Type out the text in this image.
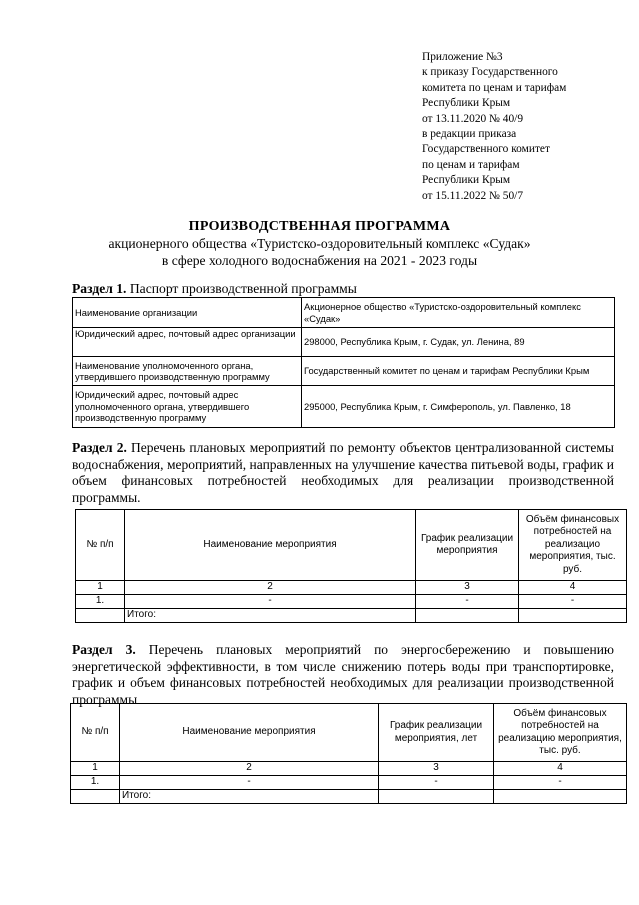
Приложение №3
к приказу Государственного
комитета по ценам и тарифам
Республики Крым
от 13.11.2020 № 40/9
в редакции приказа
Государственного комитет
по ценам и тарифам
Республики Крым
от 15.11.2022 № 50/7
ПРОИЗВОДСТВЕННАЯ ПРОГРАММА
акционерного общества «Туристско-оздоровительный комплекс «Судак»
в сфере холодного водоснабжения на 2021 - 2023 годы
Раздел 1. Паспорт производственной программы
Наименование организации	Акционерное общество «Туристско-оздоровительный комплекс «Судак»
Юридический адрес, почтовый адрес организации	298000, Республика Крым, г. Судак, ул. Ленина, 89
Наименование уполномоченного органа, утвердившего производственную программу	Государственный комитет по ценам и тарифам Республики Крым
Юридический адрес, почтовый адрес уполномоченного органа, утвердившего производственную программу	295000, Республика Крым, г. Симферополь, ул. Павленко, 18
Раздел 2. Перечень плановых мероприятий по ремонту объектов централизованной системы водоснабжения, мероприятий, направленных на улучшение качества питьевой воды, график и объем финансовых потребностей необходимых для реализации производственной программы.
№ п/п	Наименование мероприятия	График реализации мероприятия	Объём финансовых потребностей на реализацио мероприятия, тыс. руб.
1	2	3	4
1.	-	-	-
	Итого:		
Раздел 3. Перечень плановых мероприятий по энергосбережению и повышению энергетической эффективности, в том числе снижению потерь воды при транспортировке, график и объем финансовых потребностей необходимых для реализации производственной программы
№ п/п	Наименование мероприятия	График реализации мероприятия, лет	Объём финансовых потребностей на реализацию мероприятия, тыс. руб.
1	2	3	4
1.	-	-	-
	Итого:		
